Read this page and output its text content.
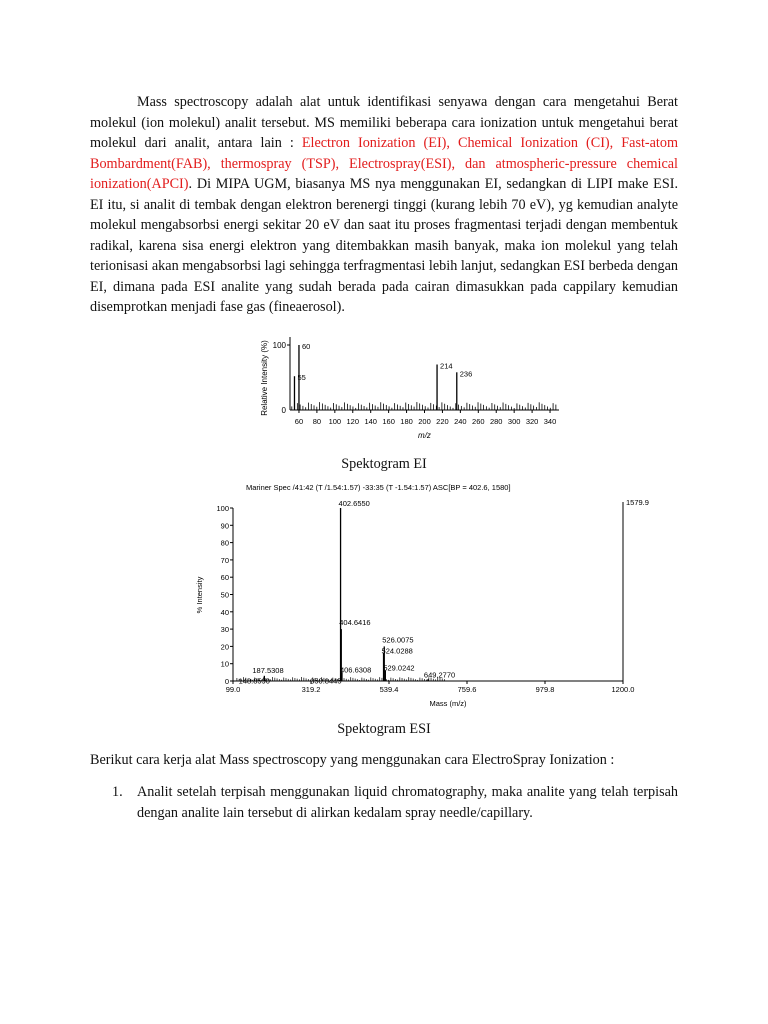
Mass spectroscopy adalah alat untuk identifikasi senyawa dengan cara mengetahui Berat molekul (ion molekul) analit tersebut. MS memiliki beberapa cara ionization untuk mengetahui berat molekul dari analit, antara lain : Electron Ionization (EI), Chemical Ionization (CI), Fast-atom Bombardment(FAB), thermospray (TSP), Electrospray(ESI), dan atmospheric-pressure chemical ionization(APCI). Di MIPA UGM, biasanya MS nya menggunakan EI, sedangkan di LIPI make ESI. EI itu, si analit di tembak dengan elektron berenergi tinggi (kurang lebih 70 eV), yg kemudian analyte molekul mengabsorbsi energi sekitar 20 eV dan saat itu proses fragmentasi terjadi dengan membentuk radikal, karena sisa energi elektron yang ditembakkan masih banyak, maka ion molekul yang telah terionisasi akan mengabsorbsi lagi sehingga terfragmentasi lebih lanjut, sedangkan ESI berbeda dengan EI, dimana pada ESI analite yang sudah berada pada cairan dimasukkan pada cappilary kemudian disemprotkan menjadi fase gas (fineaerosol).
Relative Intensity (%) 100
0
60 80 100 120 140 160 180 200 220 240 260 280 300 320 340
m/z
60
55
214
236
Spektogram EI
Mariner Spec /41:42 (T /1.54:1.57) -33:35 (T -1.54:1.57) ASC[BP = 402.6, 1580]
0
10
20
30
40
50
60
70
80
90
100
% Intensity
99.0	319.2	539.4	759.6	979.8	1200.0
Mass (m/z)
148.8590
187.5308
350.8445
402.6550
404.6416
406.6308
526.0075
524.0288
529.0242
649.2770
1579.9
Spektogram ESI
Berikut cara kerja alat Mass spectroscopy yang menggunakan cara ElectroSpray Ionization :
1. Analit setelah terpisah menggunakan liquid chromatography, maka analite yang telah terpisah dengan analite lain tersebut di alirkan kedalam spray needle/capillary.
